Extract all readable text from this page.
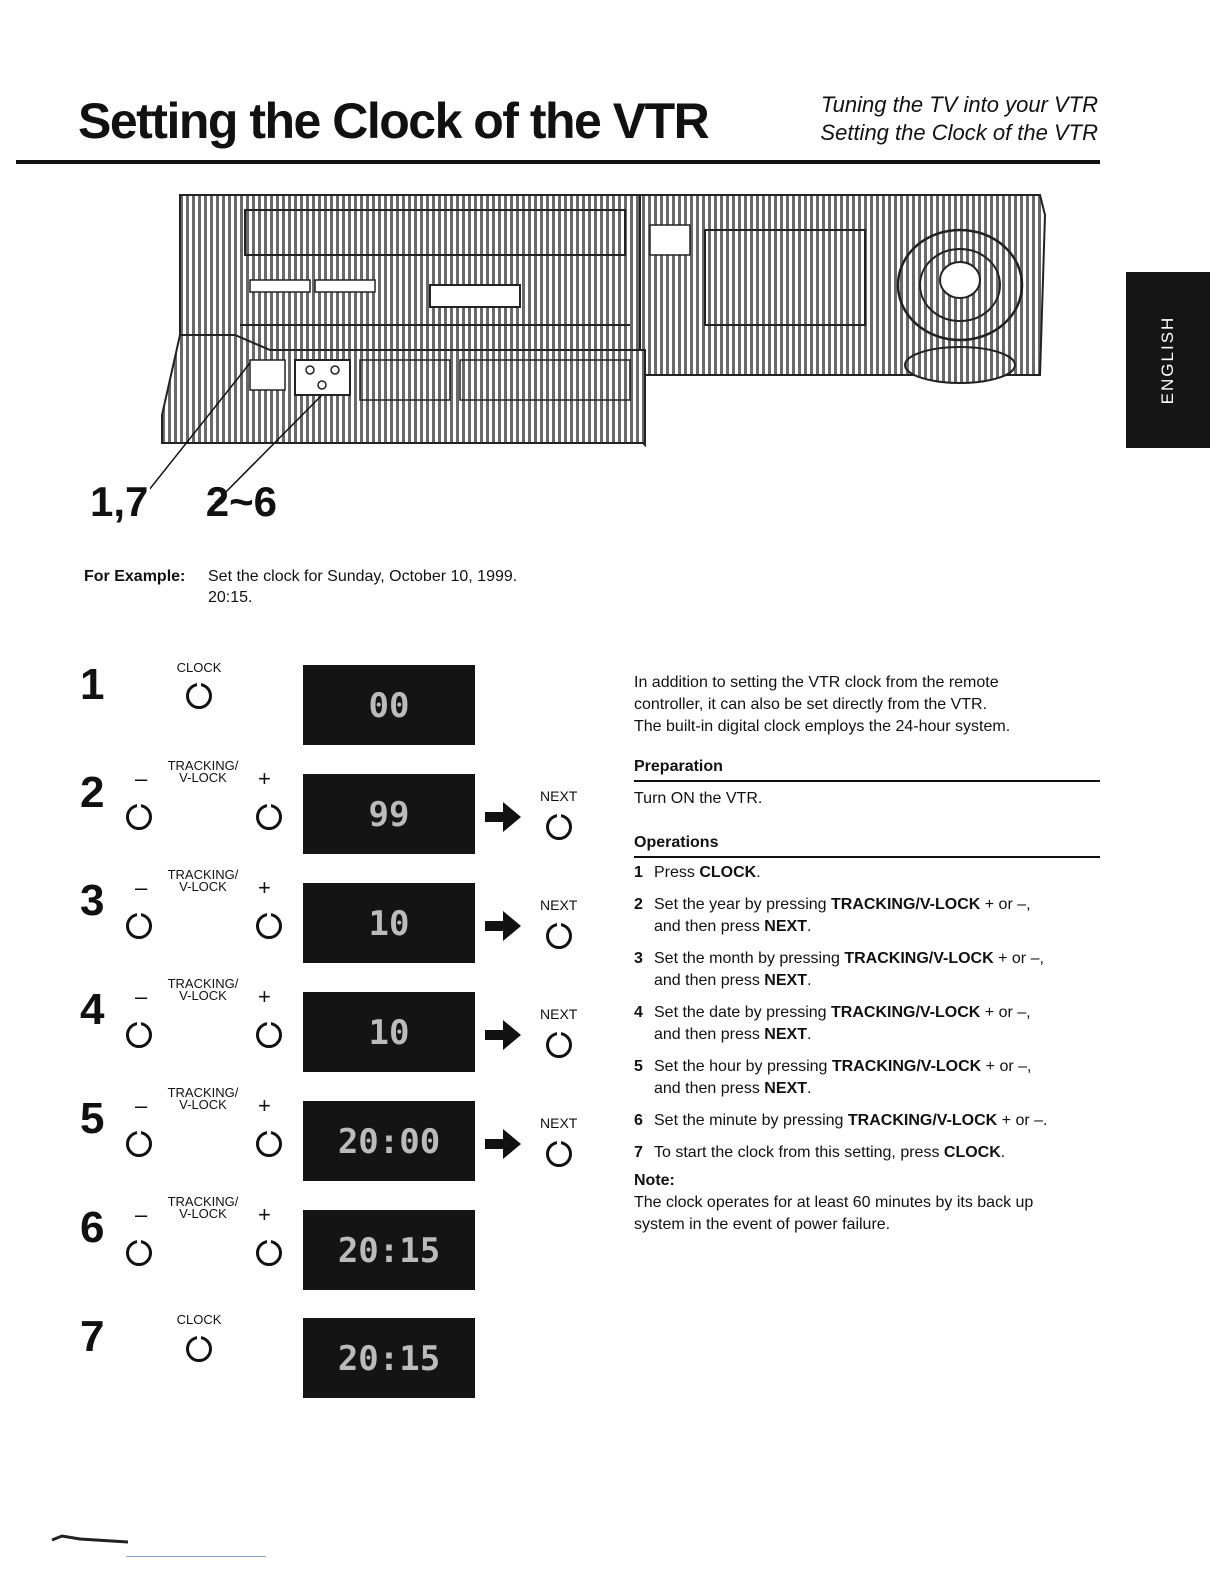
Setting the Clock of the VTR	Tuning the TV into your VTR
Setting the Clock of the VTR
ENGLISH
1,7 2~6
For Example: Set the clock for Sunday, October 10, 1999.
20:15.
1	CLOCK
00
2
TRACKING/
V-LOCK
–	+
99	NEXT
3
TRACKING/
V-LOCK
–	+
10	NEXT
4
TRACKING/
V-LOCK
–	+
10	NEXT
5
TRACKING/
V-LOCK
–	+
20:00	NEXT
6
TRACKING/
V-LOCK
–	+
20:15
7	CLOCK
20:15

In addition to setting the VTR clock from the remote

controller, it can also be set directly from the VTR.

The built-in digital clock employs the 24-hour system.

Preparation
Turn ON the VTR.
Operations
1 Press CLOCK.
2 Set the year by pressing TRACKING/V-LOCK + or –,
and then press NEXT.
3 Set the month by pressing TRACKING/V-LOCK + or –,
and then press NEXT.
4 Set the date by pressing TRACKING/V-LOCK + or –,
and then press NEXT.
5 Set the hour by pressing TRACKING/V-LOCK + or –,
and then press NEXT.
6 Set the minute by pressing TRACKING/V-LOCK + or –.
7 To start the clock from this setting, press CLOCK.
Note:
The clock operates for at least 60 minutes by its back up
system in the event of power failure.
